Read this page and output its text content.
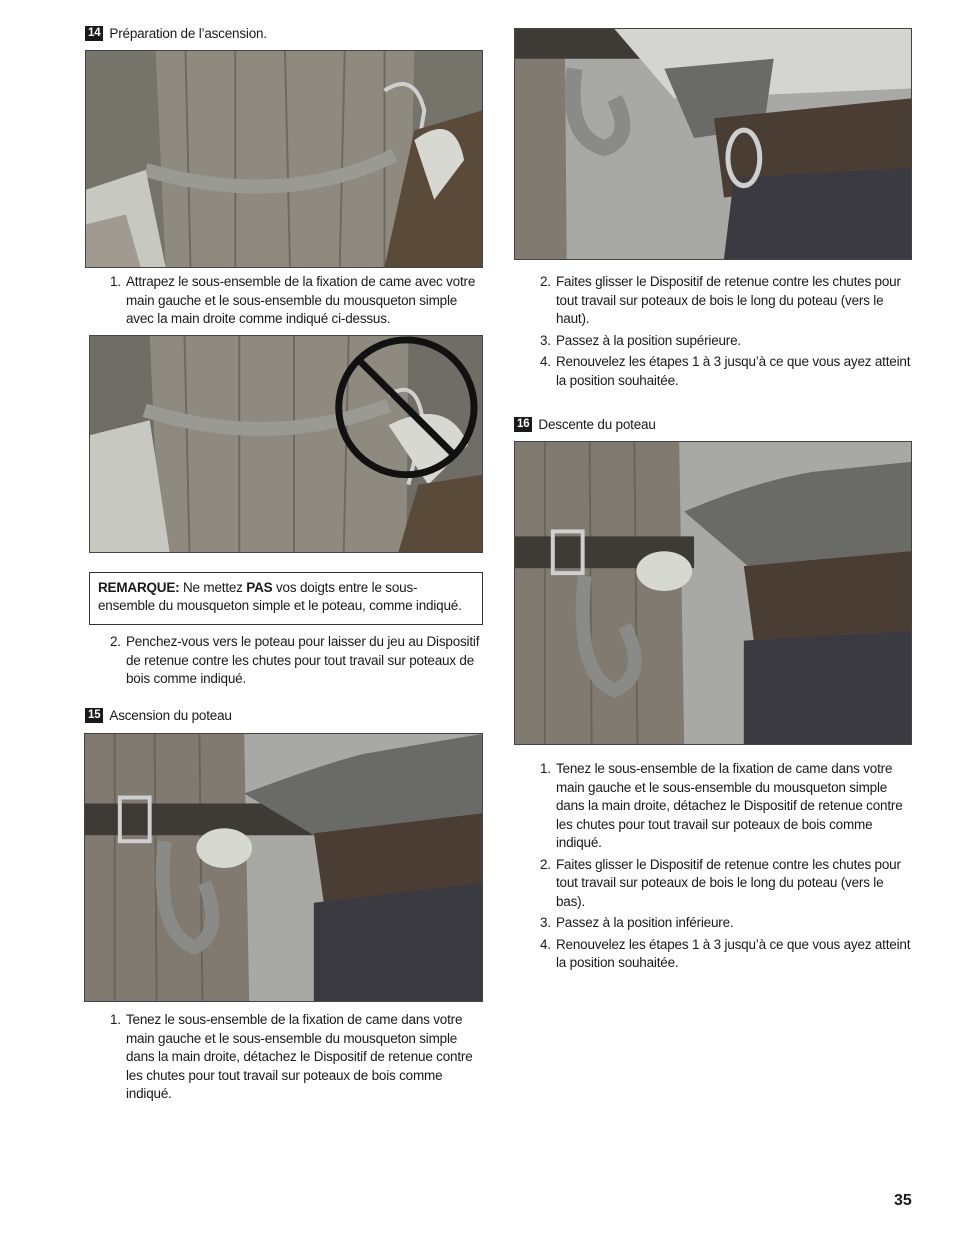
14 Préparation de l’ascension.
1. Attrapez le sous-ensemble de la fixation de came avec votre main gauche et le sous-ensemble du mousqueton simple avec la main droite comme indiqué ci-dessus.
REMARQUE: Ne mettez PAS vos doigts entre le sous-ensemble du mousqueton simple et le poteau, comme indiqué.
2. Penchez-vous vers le poteau pour laisser du jeu au Dispositif de retenue contre les chutes pour tout travail sur poteaux de bois comme indiqué.
15 Ascension du poteau
1. Tenez le sous-ensemble de la fixation de came dans votre main gauche et le sous-ensemble du mousqueton simple dans la main droite, détachez le Dispositif de retenue contre les chutes pour tout travail sur poteaux de bois comme indiqué.
2. Faites glisser le Dispositif de retenue contre les chutes pour tout travail sur poteaux de bois le long du poteau (vers le haut).
3. Passez à la position supérieure.
4. Renouvelez les étapes 1 à 3 jusqu’à ce que vous ayez atteint la position souhaitée.
16 Descente du poteau
1. Tenez le sous-ensemble de la fixation de came dans votre main gauche et le sous-ensemble du mousqueton simple dans la main droite, détachez le Dispositif de retenue contre les chutes pour tout travail sur poteaux de bois comme indiqué.
2. Faites glisser le Dispositif de retenue contre les chutes pour tout travail sur poteaux de bois le long du poteau (vers le bas).
3. Passez à la position inférieure.
4. Renouvelez les étapes 1 à 3 jusqu’à ce que vous ayez atteint la position souhaitée.
35
